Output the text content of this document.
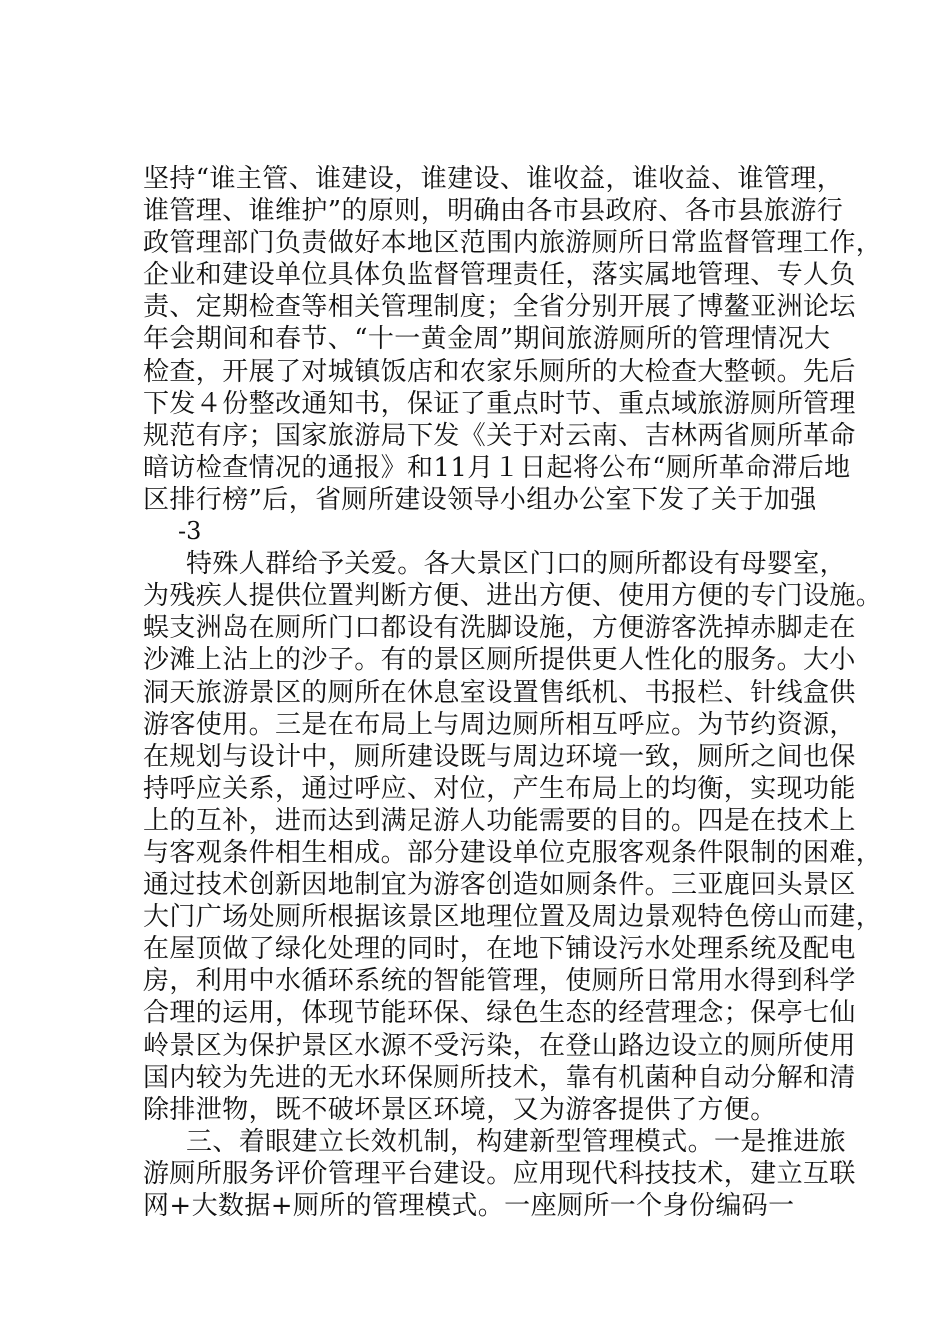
坚持“谁主管、谁建设，谁建设、谁收益，谁收益、谁管理，
谁管理、谁维护”的原则，明确由各市县政府、各市县旅游行
政管理部门负责做好本地区范围内旅游厕所日常监督管理工作，
企业和建设单位具体负监督管理责任，落实属地管理、专人负
责、定期检查等相关管理制度；全省分别开展了博鳌亚洲论坛
年会期间和春节、“十一黄金周”期间旅游厕所的管理情况大
检查，开展了对城镇饭店和农家乐厕所的大检查大整顿。先后
下发４份整改通知书，保证了重点时节、重点域旅游厕所管理
规范有序；国家旅游局下发《关于对云南、吉林两省厕所革命
暗访检查情况的通报》和11月１日起将公布“厕所革命滞后地
区排行榜”后，省厕所建设领导小组办公室下发了关于加强
-3
特殊人群给予关爱。各大景区门口的厕所都设有母婴室，
为残疾人提供位置判断方便、进出方便、使用方便的专门设施。
蜈支洲岛在厕所门口都设有洗脚设施，方便游客洗掉赤脚走在
沙滩上沾上的沙子。有的景区厕所提供更人性化的服务。大小
洞天旅游景区的厕所在休息室设置售纸机、书报栏、针线盒供
游客使用。三是在布局上与周边厕所相互呼应。为节约资源，
在规划与设计中，厕所建设既与周边环境一致，厕所之间也保
持呼应关系，通过呼应、对位，产生布局上的均衡，实现功能
上的互补，进而达到满足游人功能需要的目的。四是在技术上
与客观条件相生相成。部分建设单位克服客观条件限制的困难，
通过技术创新因地制宜为游客创造如厕条件。三亚鹿回头景区
大门广场处厕所根据该景区地理位置及周边景观特色傍山而建，
在屋顶做了绿化处理的同时，在地下铺设污水处理系统及配电
房，利用中水循环系统的智能管理，使厕所日常用水得到科学
合理的运用，体现节能环保、绿色生态的经营理念；保亭七仙
岭景区为保护景区水源不受污染，在登山路边设立的厕所使用
国内较为先进的无水环保厕所技术，靠有机菌种自动分解和清
除排泄物，既不破坏景区环境，又为游客提供了方便。
三、着眼建立长效机制，构建新型管理模式。一是推进旅
游厕所服务评价管理平台建设。应用现代科技技术，建立互联
网+大数据+厕所的管理模式。一座厕所一个身份编码一
